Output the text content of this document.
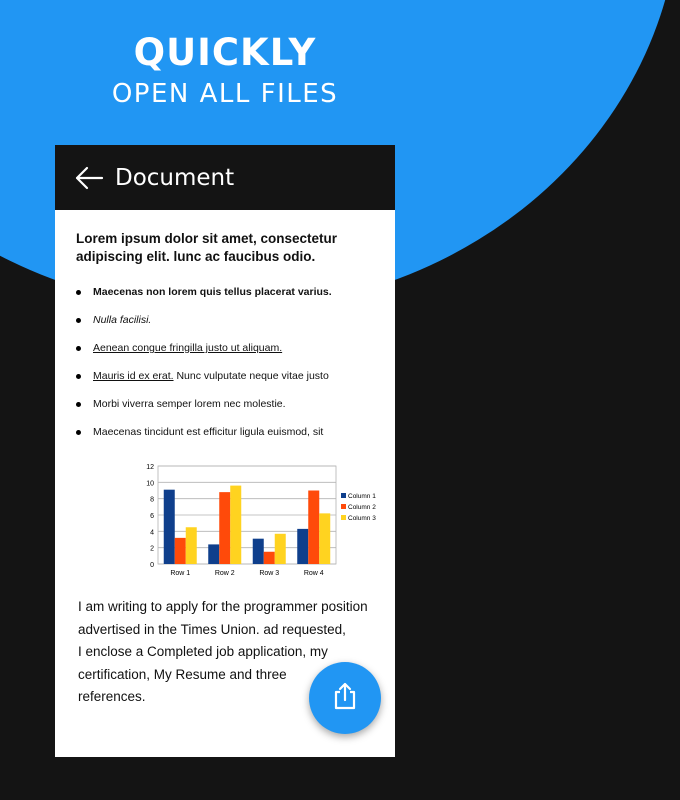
QUICKLY
OPEN ALL FILES
Document

Lorem ipsum dolor sit amet, consectetur adipiscing elit. lunc ac faucibus odio.

Maecenas non lorem quis tellus placerat varius.
Nulla facilisi.
Aenean congue fringilla justo ut aliquam.
Mauris id ex erat. Nunc vulputate neque vitae justo
Morbi viverra semper lorem nec molestie.
Maecenas tincidunt est efficitur ligula euismod, sit
0
2
4
6
8
10
12
Row 1	Row 2	Row 3	Row 4
Column 1
Column 2
Column 3
I am writing to apply for the programmer position
advertised in the Times Union. ad requested,
I enclose a Completed job application, my
certification, My Resume and three
references.
